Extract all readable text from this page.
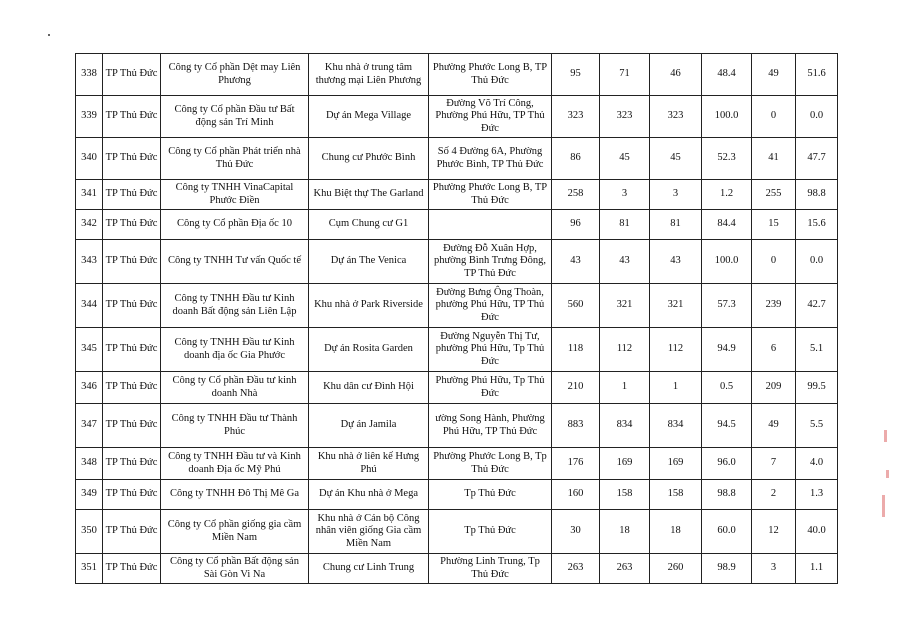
338	TP Thủ Đức	Công ty Cổ phần Dệt may Liên Phương	Khu nhà ở trung tâm thương mại Liên Phương	Phường Phước Long B, TP Thủ Đức	95	71	46	48.4	49	51.6
339	TP Thủ Đức	Công ty Cổ phần Đầu tư Bất động sản Trí Minh	Dự án Mega Village	Đường Võ Trí Công, Phường Phú Hữu, TP Thủ Đức	323	323	323	100.0	0	0.0
340	TP Thủ Đức	Công ty Cổ phần Phát triển nhà Thủ Đức	Chung cư Phước Bình	Số 4 Đường 6A, Phường Phước Bình, TP Thủ Đức	86	45	45	52.3	41	47.7
341	TP Thủ Đức	Công ty TNHH VinaCapital Phước Điền	Khu Biệt thự The Garland	Phường Phước Long B, TP Thủ Đức	258	3	3	1.2	255	98.8
342	TP Thủ Đức	Công ty Cổ phần Địa ốc 10	Cụm Chung cư G1		96	81	81	84.4	15	15.6
343	TP Thủ Đức	Công ty TNHH Tư vấn Quốc tế	Dự án The Venica	Đường Đỗ Xuân Hợp, phường Bình Trưng Đông, TP Thủ Đức	43	43	43	100.0	0	0.0
344	TP Thủ Đức	Công ty TNHH Đầu tư Kinh doanh Bất động sản Liên Lập	Khu nhà ở Park Riverside	Đường Bưng Ông Thoàn, phường Phú Hữu, TP Thủ Đức	560	321	321	57.3	239	42.7
345	TP Thủ Đức	Công ty TNHH Đầu tư Kinh doanh địa ốc Gia Phước	Dự án Rosita Garden	Đường Nguyễn Thị Tư, phường Phú Hữu, Tp Thủ Đức	118	112	112	94.9	6	5.1
346	TP Thủ Đức	Công ty Cổ phần Đầu tư kinh doanh Nhà	Khu dân cư Đình Hội	Phường Phú Hữu, Tp Thủ Đức	210	1	1	0.5	209	99.5
347	TP Thủ Đức	Công ty TNHH Đầu tư Thành Phúc	Dự án Jamila	ường Song Hành, Phường Phú Hữu, TP Thủ Đức	883	834	834	94.5	49	5.5
348	TP Thủ Đức	Công ty TNHH Đầu tư và Kinh doanh Địa ốc Mỹ Phú	Khu nhà ở liên kế Hưng Phú	Phường Phước Long B, Tp Thủ Đức	176	169	169	96.0	7	4.0
349	TP Thủ Đức	Công ty TNHH Đô Thị Mê Ga	Dự án Khu nhà ở Mega	Tp Thủ Đức	160	158	158	98.8	2	1.3
350	TP Thủ Đức	Công ty Cổ phần giống gia cầm Miền Nam	Khu nhà ở Cán bộ Công nhân viên giống Gia cầm Miền Nam	Tp Thủ Đức	30	18	18	60.0	12	40.0
351	TP Thủ Đức	Công ty Cổ phần Bất động sản Sài Gòn Vi Na	Chung cư Linh Trung	Phường Linh Trung, Tp Thủ Đức	263	263	260	98.9	3	1.1
